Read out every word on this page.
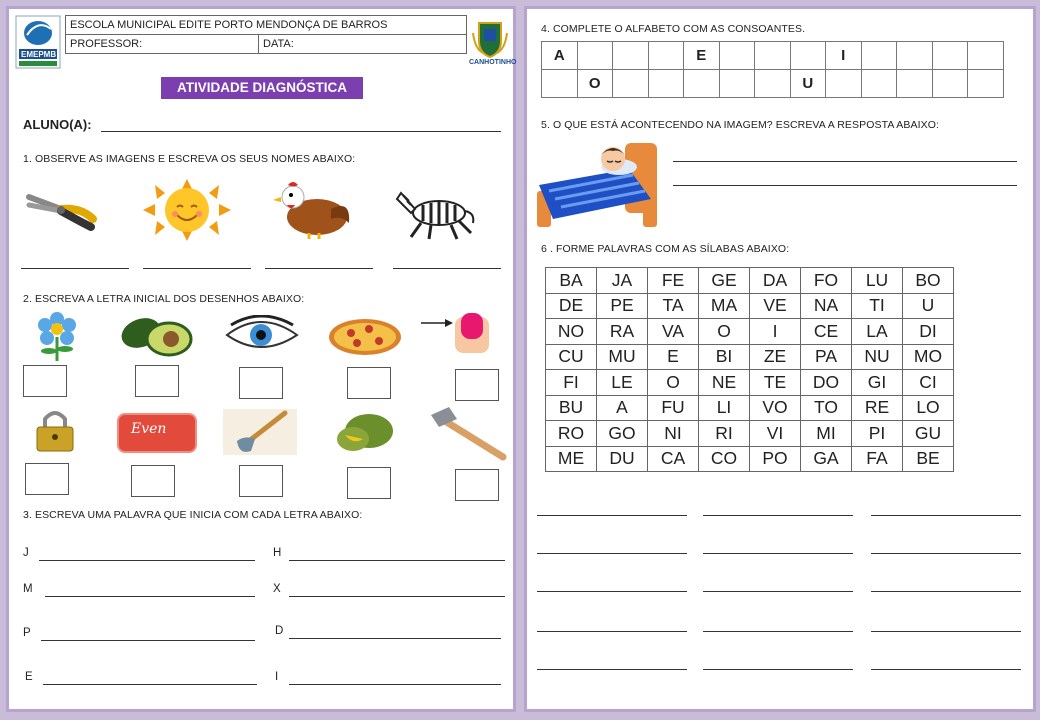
EMEPMB
ESCOLA MUNICIPAL EDITE PORTO MENDONÇA DE BARROS
PROFESSOR:	DATA:
CANHOTINHO
ATIVIDADE DIAGNÓSTICA
ALUNO(A):
1. OBSERVE AS IMAGENS E ESCREVA OS SEUS NOMES ABAIXO:
2. ESCREVA A LETRA INICIAL DOS DESENHOS ABAIXO:
Even
3. ESCREVA UMA PALAVRA QUE INICIA COM CADA LETRA ABAIXO:
J	H
M	X
P	D
E	I
4. COMPLETE O ALFABETO COM AS CONSOANTES.
A				E				I				
	O						U					
5. O QUE ESTÁ ACONTECENDO NA IMAGEM? ESCREVA A RESPOSTA ABAIXO:
6 . FORME PALAVRAS COM AS SÍLABAS ABAIXO:
BA	JA	FE	GE	DA	FO	LU	BO
DE	PE	TA	MA	VE	NA	TI	U
NO	RA	VA	O	I	CE	LA	DI
CU	MU	E	BI	ZE	PA	NU	MO
FI	LE	O	NE	TE	DO	GI	CI
BU	A	FU	LI	VO	TO	RE	LO
RO	GO	NI	RI	VI	MI	PI	GU
ME	DU	CA	CO	PO	GA	FA	BE
